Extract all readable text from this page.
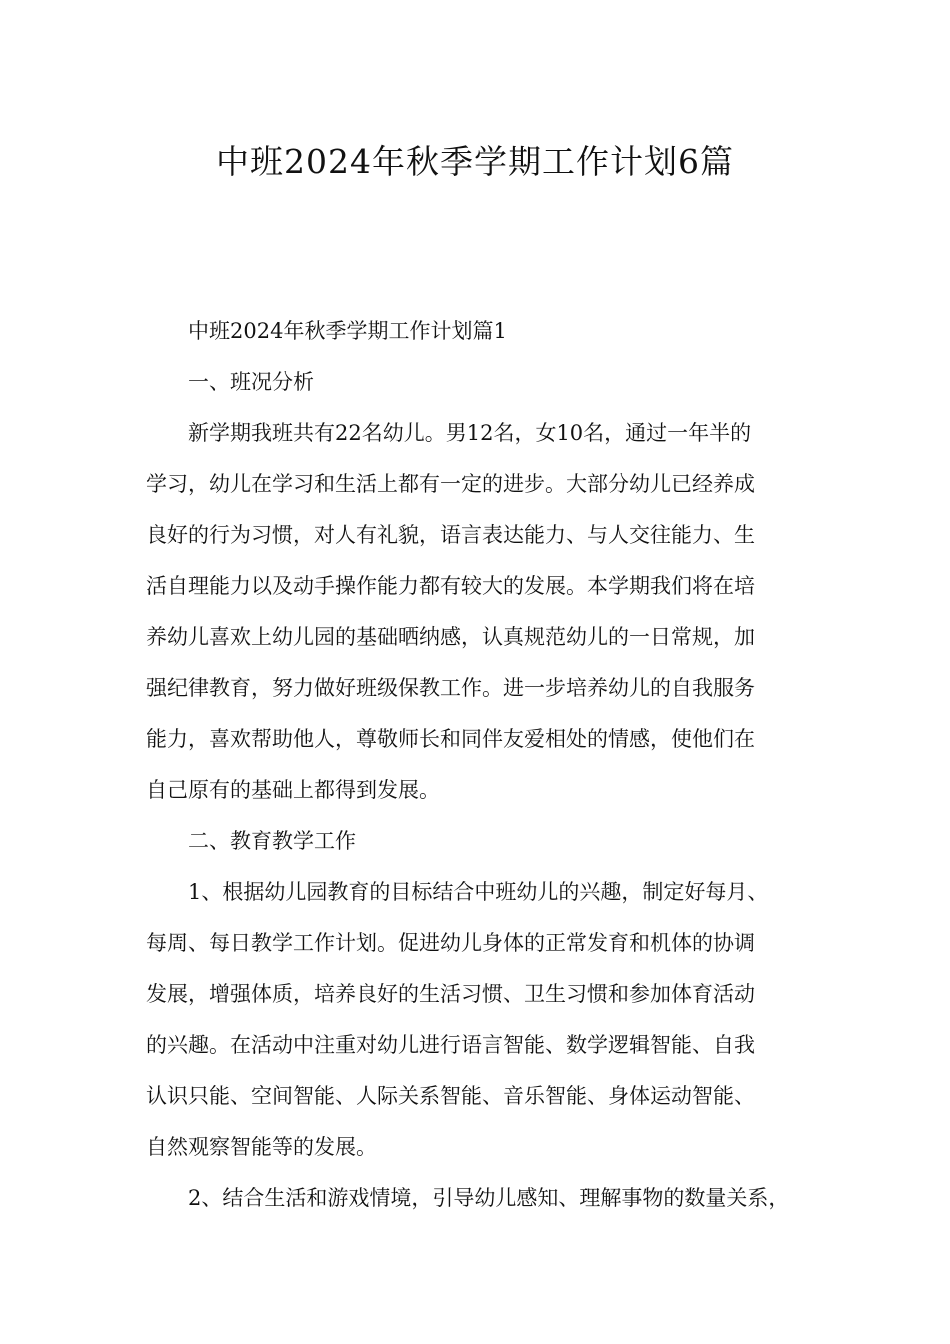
中班2024年秋季学期工作计划6篇
中班2024年秋季学期工作计划篇1
一、班况分析
新学期我班共有22名幼儿。男12名，女10名，通过一年半的
学习，幼儿在学习和生活上都有一定的进步。大部分幼儿已经养成
良好的行为习惯，对人有礼貌，语言表达能力、与人交往能力、生
活自理能力以及动手操作能力都有较大的发展。本学期我们将在培
养幼儿喜欢上幼儿园的基础晒纳感，认真规范幼儿的一日常规，加
强纪律教育，努力做好班级保教工作。进一步培养幼儿的自我服务
能力，喜欢帮助他人，尊敬师长和同伴友爱相处的情感，使他们在
自己原有的基础上都得到发展。
二、教育教学工作
1、根据幼儿园教育的目标结合中班幼儿的兴趣，制定好每月、
每周、每日教学工作计划。促进幼儿身体的正常发育和机体的协调
发展，增强体质，培养良好的生活习惯、卫生习惯和参加体育活动
的兴趣。在活动中注重对幼儿进行语言智能、数学逻辑智能、自我
认识只能、空间智能、人际关系智能、音乐智能、身体运动智能、
自然观察智能等的发展。
2、结合生活和游戏情境，引导幼儿感知、理解事物的数量关系，
